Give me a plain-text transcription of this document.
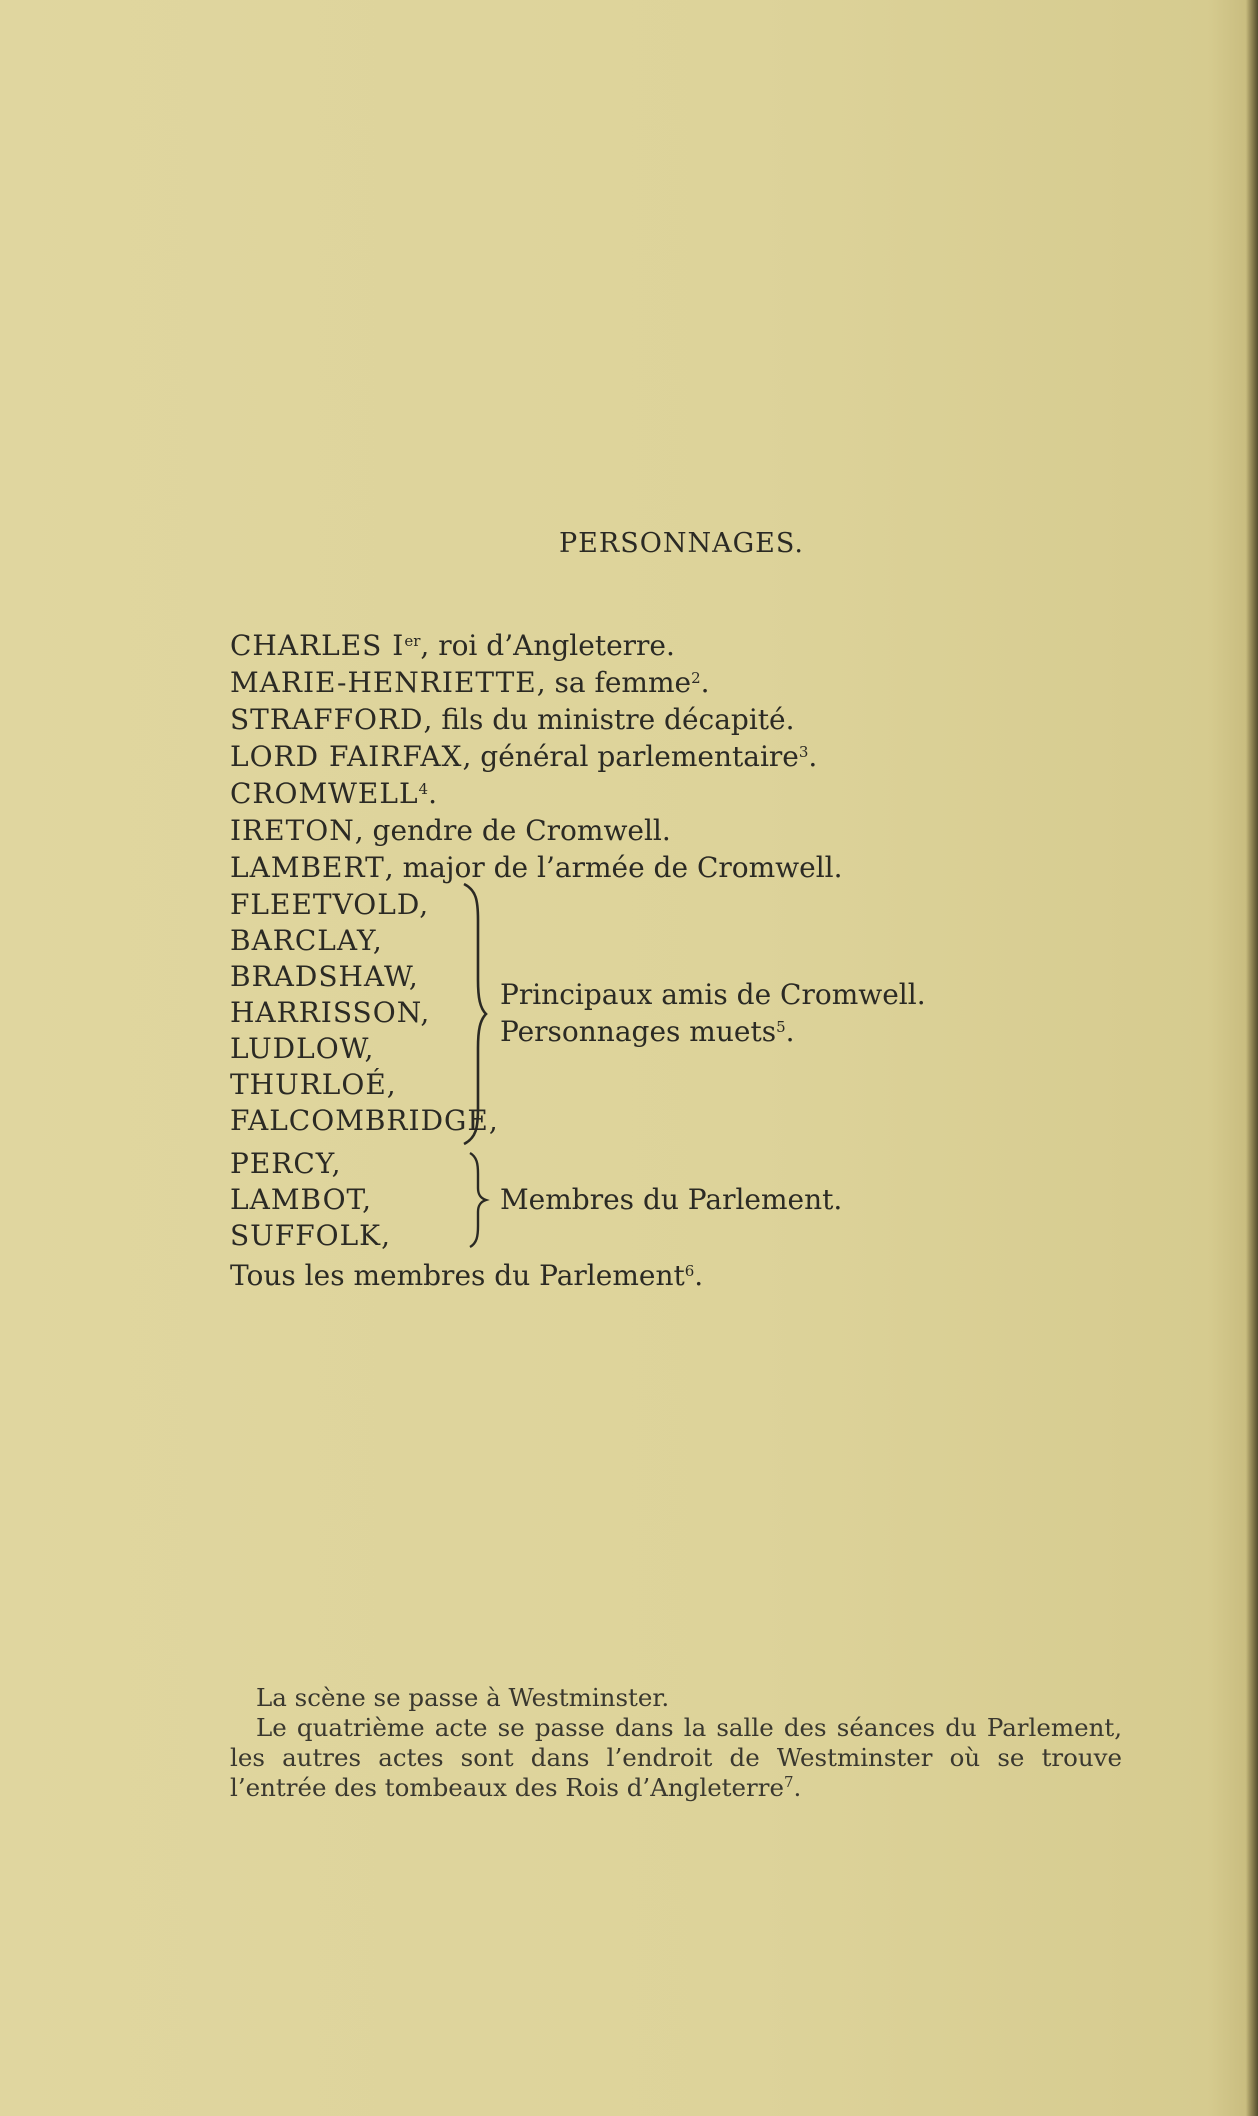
PERSONNAGES.
CHARLES Ier, roi d’Angleterre.
MARIE-HENRIETTE, sa femme$^2$.
STRAFFORD, fils du ministre décapité.
LORD FAIRFAX, général parlementaire$^3$.
CROMWELL$^4$.
IRETON, gendre de Cromwell.
LAMBERT, major de l’armée de Cromwell.
FLEETVOLD,
BARCLAY,
BRADSHAW,
HARRISSON,
LUDLOW,
THURLOÉ,
FALCOMBRIDGE,
Principaux amis de Cromwell.
Personnages muets$^5$.
PERCY,
LAMBOT,
SUFFOLK,
Membres du Parlement.
Tous les membres du Parlement$^6$.
La scène se passe à Westminster.
Le quatrième acte se passe dans la salle des séances du Parlement, les autres actes sont dans l’endroit de Westminster où se trouve l’entrée des tombeaux des Rois d’Angleterre$^7$.
